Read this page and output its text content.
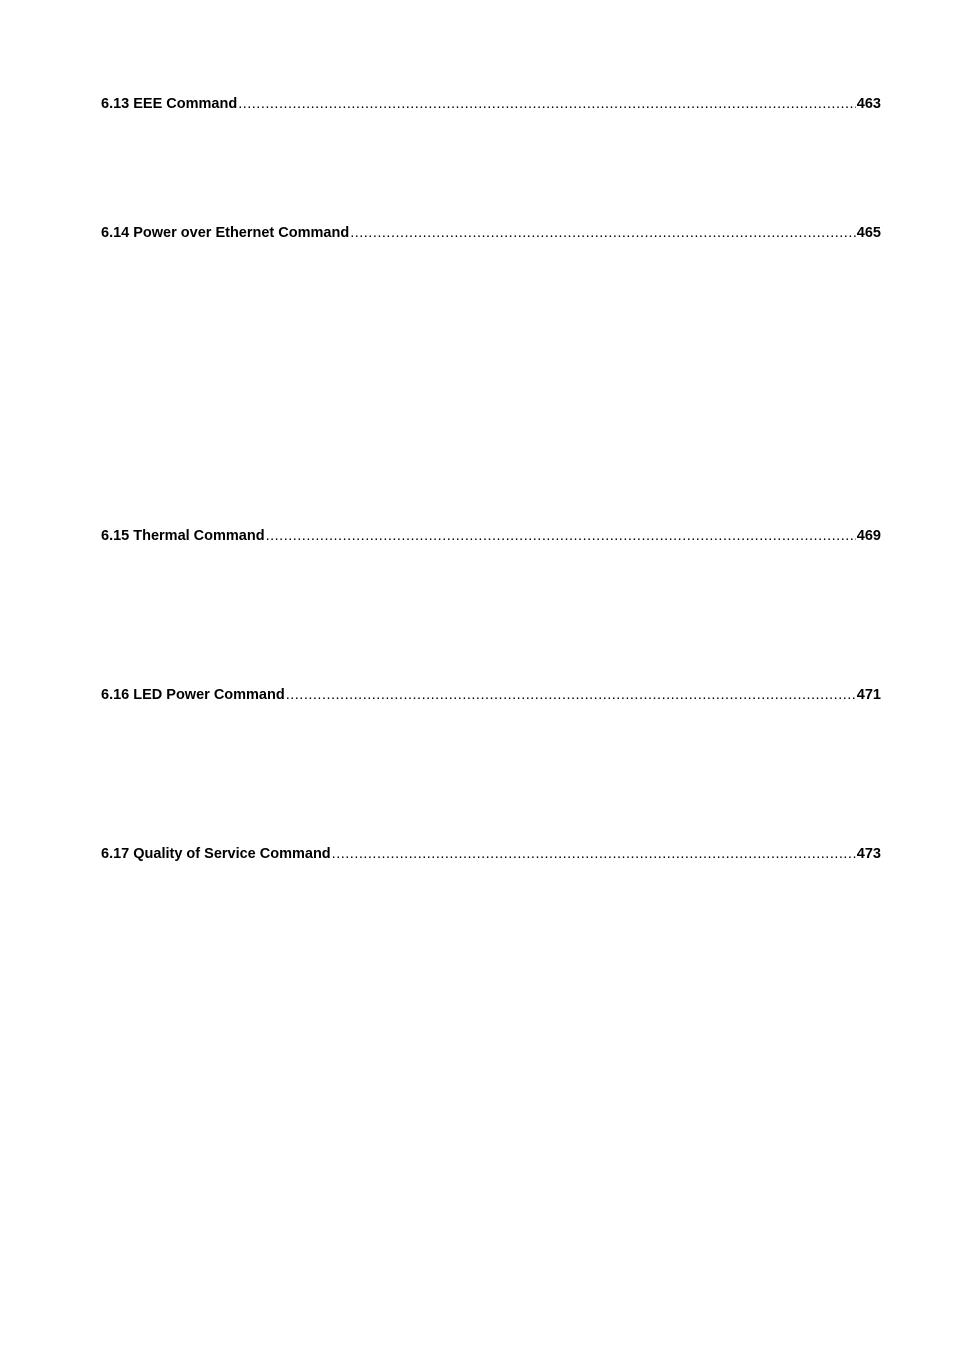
6.13 EEE Command .....	463
6.14 Power over Ethernet Command .....	465
6.15 Thermal Command .....	469
6.16 LED Power Command .....	471
6.17 Quality of Service Command .....	473
